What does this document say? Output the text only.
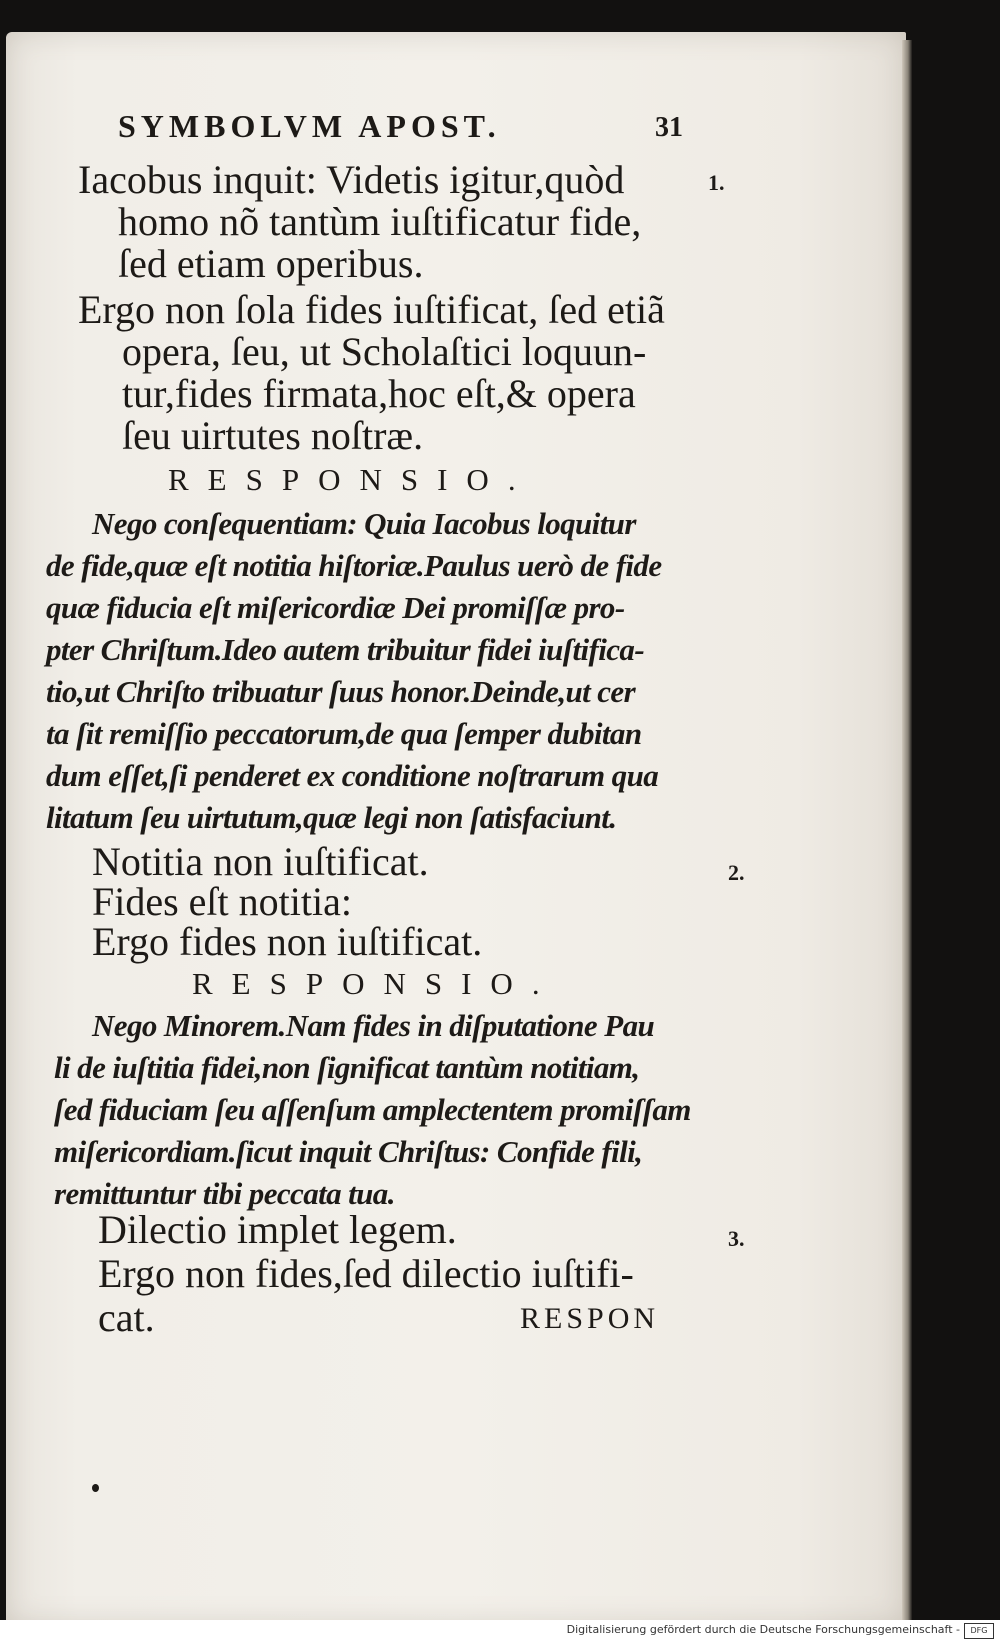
SYMBOLVM APOST.	31
Iacobus inquit: Videtis igitur,quòd
homo nõ tantùm iuſtificatur fide,
ſed etiam operibus.
1.
Ergo non ſola fides iuſtificat, ſed etiã
opera, ſeu, ut Scholaſtici loquun-
tur,fides firmata,hoc eſt,& opera
ſeu uirtutes noſtræ.
RESPONSIO.
Nego conſequentiam: Quia Iacobus loquitur
de fide,quæ eſt notitia hiſtoriæ.Paulus uerò de fide
quæ fiducia eſt miſericordiæ Dei promiſſæ pro-
pter Chriſtum.Ideo autem tribuitur fidei iuſtifica-
tio,ut Chriſto tribuatur ſuus honor.Deinde,ut cer
ta ſit remiſſio peccatorum,de qua ſemper dubitan
dum eſſet,ſi penderet ex conditione noſtrarum qua
litatum ſeu uirtutum,quæ legi non ſatisfaciunt.
Notitia non iuſtificat.
Fides eſt notitia:
Ergo fides non iuſtificat.
2.
RESPONSIO.
Nego Minorem.Nam fides in diſputatione Pau
li de iuſtitia fidei,non ſignificat tantùm notitiam,
ſed fiduciam ſeu aſſenſum amplectentem promiſſam
miſericordiam.ſicut inquit Chriſtus: Confide fili,
remittuntur tibi peccata tua.
Dilectio implet legem.
Ergo non fides,ſed dilectio iuſtifi-
cat.
3.
RESPON
Digitalisierung gefördert durch die Deutsche Forschungsgemeinschaft -	DFG
